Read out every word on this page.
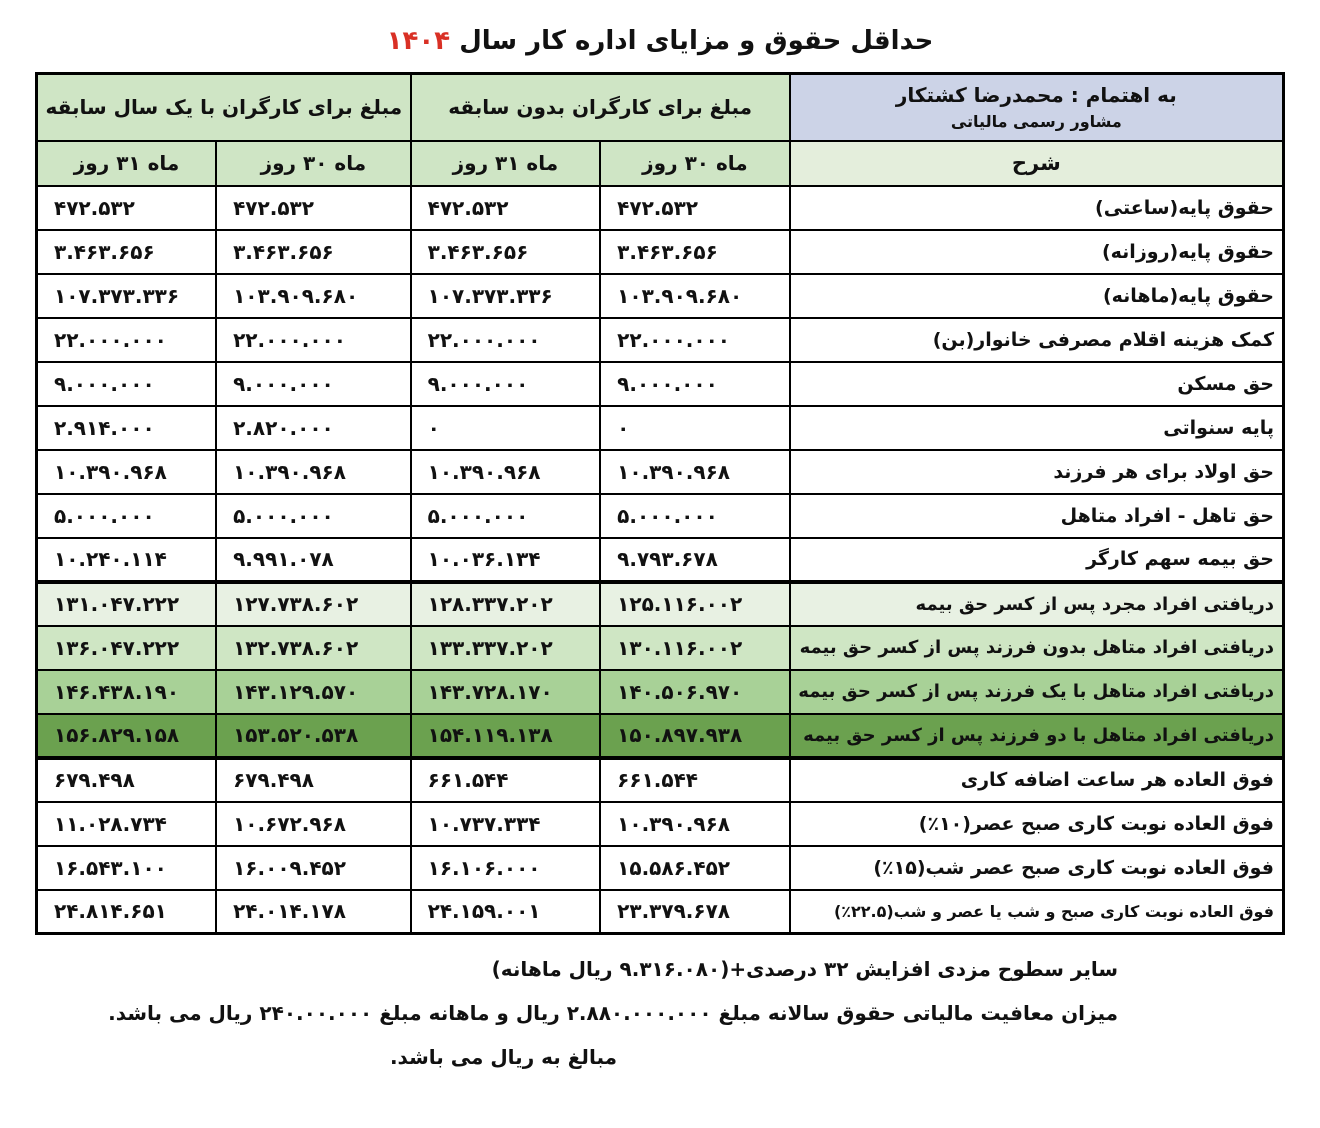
حداقل حقوق و مزایای اداره کار سال ۱۴۰۴
به اهتمام : محمدرضا کشتکار
مشاور رسمی مالیاتی	مبلغ برای کارگران بدون سابقه		مبلغ برای کارگران با یک سال سابقه	
شرح	ماه ۳۰ روز	ماه ۳۱ روز	ماه ۳۰ روز	ماه ۳۱ روز
حقوق پایه(ساعتی)	۴۷۲.۵۳۲	۴۷۲.۵۳۲	۴۷۲.۵۳۲	۴۷۲.۵۳۲
حقوق پایه(روزانه)	۳.۴۶۳.۶۵۶	۳.۴۶۳.۶۵۶	۳.۴۶۳.۶۵۶	۳.۴۶۳.۶۵۶
حقوق پایه(ماهانه)	۱۰۳.۹۰۹.۶۸۰	۱۰۷.۳۷۳.۳۳۶	۱۰۳.۹۰۹.۶۸۰	۱۰۷.۳۷۳.۳۳۶
کمک هزینه اقلام مصرفی خانوار(بن)	۲۲.۰۰۰.۰۰۰	۲۲.۰۰۰.۰۰۰	۲۲.۰۰۰.۰۰۰	۲۲.۰۰۰.۰۰۰
حق مسکن	۹.۰۰۰.۰۰۰	۹.۰۰۰.۰۰۰	۹.۰۰۰.۰۰۰	۹.۰۰۰.۰۰۰
پایه سنواتی	۰	۰	۲.۸۲۰.۰۰۰	۲.۹۱۴.۰۰۰
حق اولاد برای هر فرزند	۱۰.۳۹۰.۹۶۸	۱۰.۳۹۰.۹۶۸	۱۰.۳۹۰.۹۶۸	۱۰.۳۹۰.۹۶۸
حق تاهل - افراد متاهل	۵.۰۰۰.۰۰۰	۵.۰۰۰.۰۰۰	۵.۰۰۰.۰۰۰	۵.۰۰۰.۰۰۰
حق بیمه سهم کارگر	۹.۷۹۳.۶۷۸	۱۰.۰۳۶.۱۳۴	۹.۹۹۱.۰۷۸	۱۰.۲۴۰.۱۱۴
دریافتی افراد مجرد پس از کسر حق بیمه	۱۲۵.۱۱۶.۰۰۲	۱۲۸.۳۳۷.۲۰۲	۱۲۷.۷۳۸.۶۰۲	۱۳۱.۰۴۷.۲۲۲
دریافتی افراد متاهل بدون فرزند پس از کسر حق بیمه	۱۳۰.۱۱۶.۰۰۲	۱۳۳.۳۳۷.۲۰۲	۱۳۲.۷۳۸.۶۰۲	۱۳۶.۰۴۷.۲۲۲
دریافتی افراد متاهل با یک فرزند پس از کسر حق بیمه	۱۴۰.۵۰۶.۹۷۰	۱۴۳.۷۲۸.۱۷۰	۱۴۳.۱۲۹.۵۷۰	۱۴۶.۴۳۸.۱۹۰
دریافتی افراد متاهل با دو فرزند پس از کسر حق بیمه	۱۵۰.۸۹۷.۹۳۸	۱۵۴.۱۱۹.۱۳۸	۱۵۳.۵۲۰.۵۳۸	۱۵۶.۸۲۹.۱۵۸
فوق العاده هر ساعت اضافه کاری	۶۶۱.۵۴۴	۶۶۱.۵۴۴	۶۷۹.۴۹۸	۶۷۹.۴۹۸
فوق العاده نوبت کاری صبح عصر(۱۰٪)	۱۰.۳۹۰.۹۶۸	۱۰.۷۳۷.۳۳۴	۱۰.۶۷۲.۹۶۸	۱۱.۰۲۸.۷۳۴
فوق العاده نوبت کاری صبح عصر شب(۱۵٪)	۱۵.۵۸۶.۴۵۲	۱۶.۱۰۶.۰۰۰	۱۶.۰۰۹.۴۵۲	۱۶.۵۴۳.۱۰۰
فوق العاده نوبت کاری صبح و شب یا عصر و شب(۲۲.۵٪)	۲۳.۳۷۹.۶۷۸	۲۴.۱۵۹.۰۰۱	۲۴.۰۱۴.۱۷۸	۲۴.۸۱۴.۶۵۱
سایر سطوح مزدی افزایش ۳۲ درصدی+(۹.۳۱۶.۰۸۰ ریال ماهانه)
میزان معافیت مالیاتی حقوق سالانه مبلغ ۲.۸۸۰.۰۰۰.۰۰۰ ریال و ماهانه مبلغ ۲۴۰.۰۰.۰۰۰ ریال می باشد.
مبالغ به ریال می باشد.
